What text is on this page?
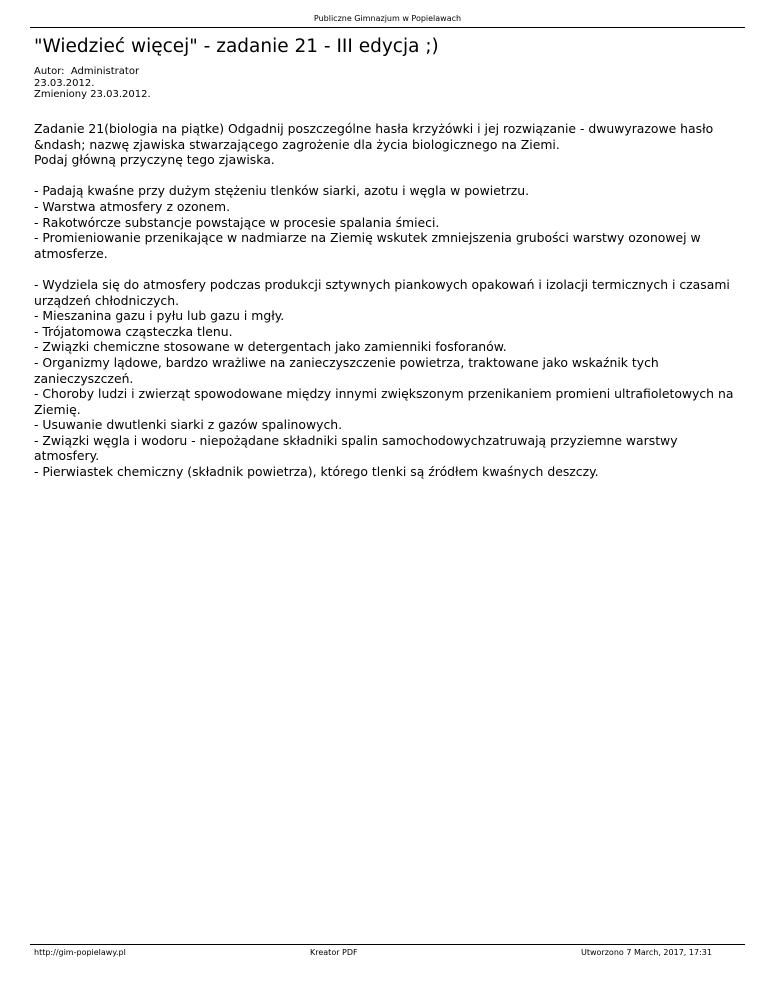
Publiczne Gimnazjum w Popielawach
"Wiedzieć więcej" - zadanie 21 - III edycja ;)
Autor:  Administrator
23.03.2012.
Zmieniony 23.03.2012.

Zadanie 21(biologia na piątke) Odgadnij poszczególne hasła krzyżówki i jej rozwiązanie - dwuwyrazowe hasło &ndash; nazwę zjawiska stwarzającego zagrożenie dla życia biologicznego na Ziemi.

Podaj główną przyczynę tego zjawiska.

- Padają kwaśne przy dużym stężeniu tlenków siarki, azotu i węgla w powietrzu.

- Warstwa atmosfery z ozonem.

- Rakotwórcze substancje powstające w procesie spalania śmieci.

- Promieniowanie przenikające w nadmiarze na Ziemię wskutek zmniejszenia grubości warstwy ozonowej w atmosferze.

- Wydziela się do atmosfery podczas produkcji sztywnych piankowych opakowań i izolacji termicznych i czasami urządzeń chłodniczych.

- Mieszanina gazu i pyłu lub gazu i mgły.

- Trójatomowa cząsteczka tlenu.

- Związki chemiczne stosowane w detergentach jako zamienniki fosforanów.

- Organizmy lądowe, bardzo wrażliwe na zanieczyszczenie powietrza, traktowane jako wskaźnik tych zanieczyszczeń.

- Choroby ludzi i zwierząt spowodowane między innymi zwiększonym przenikaniem promieni ultrafioletowych na Ziemię.

- Usuwanie dwutlenki siarki z gazów spalinowych.

- Związki węgla i wodoru - niepożądane składniki spalin samochodowychzatruwają przyziemne warstwy atmosfery.

- Pierwiastek chemiczny (składnik powietrza), którego tlenki są źródłem kwaśnych deszczy.

http://gim-popielawy.pl	Kreator PDF	Utworzono 7 March, 2017, 17:31
